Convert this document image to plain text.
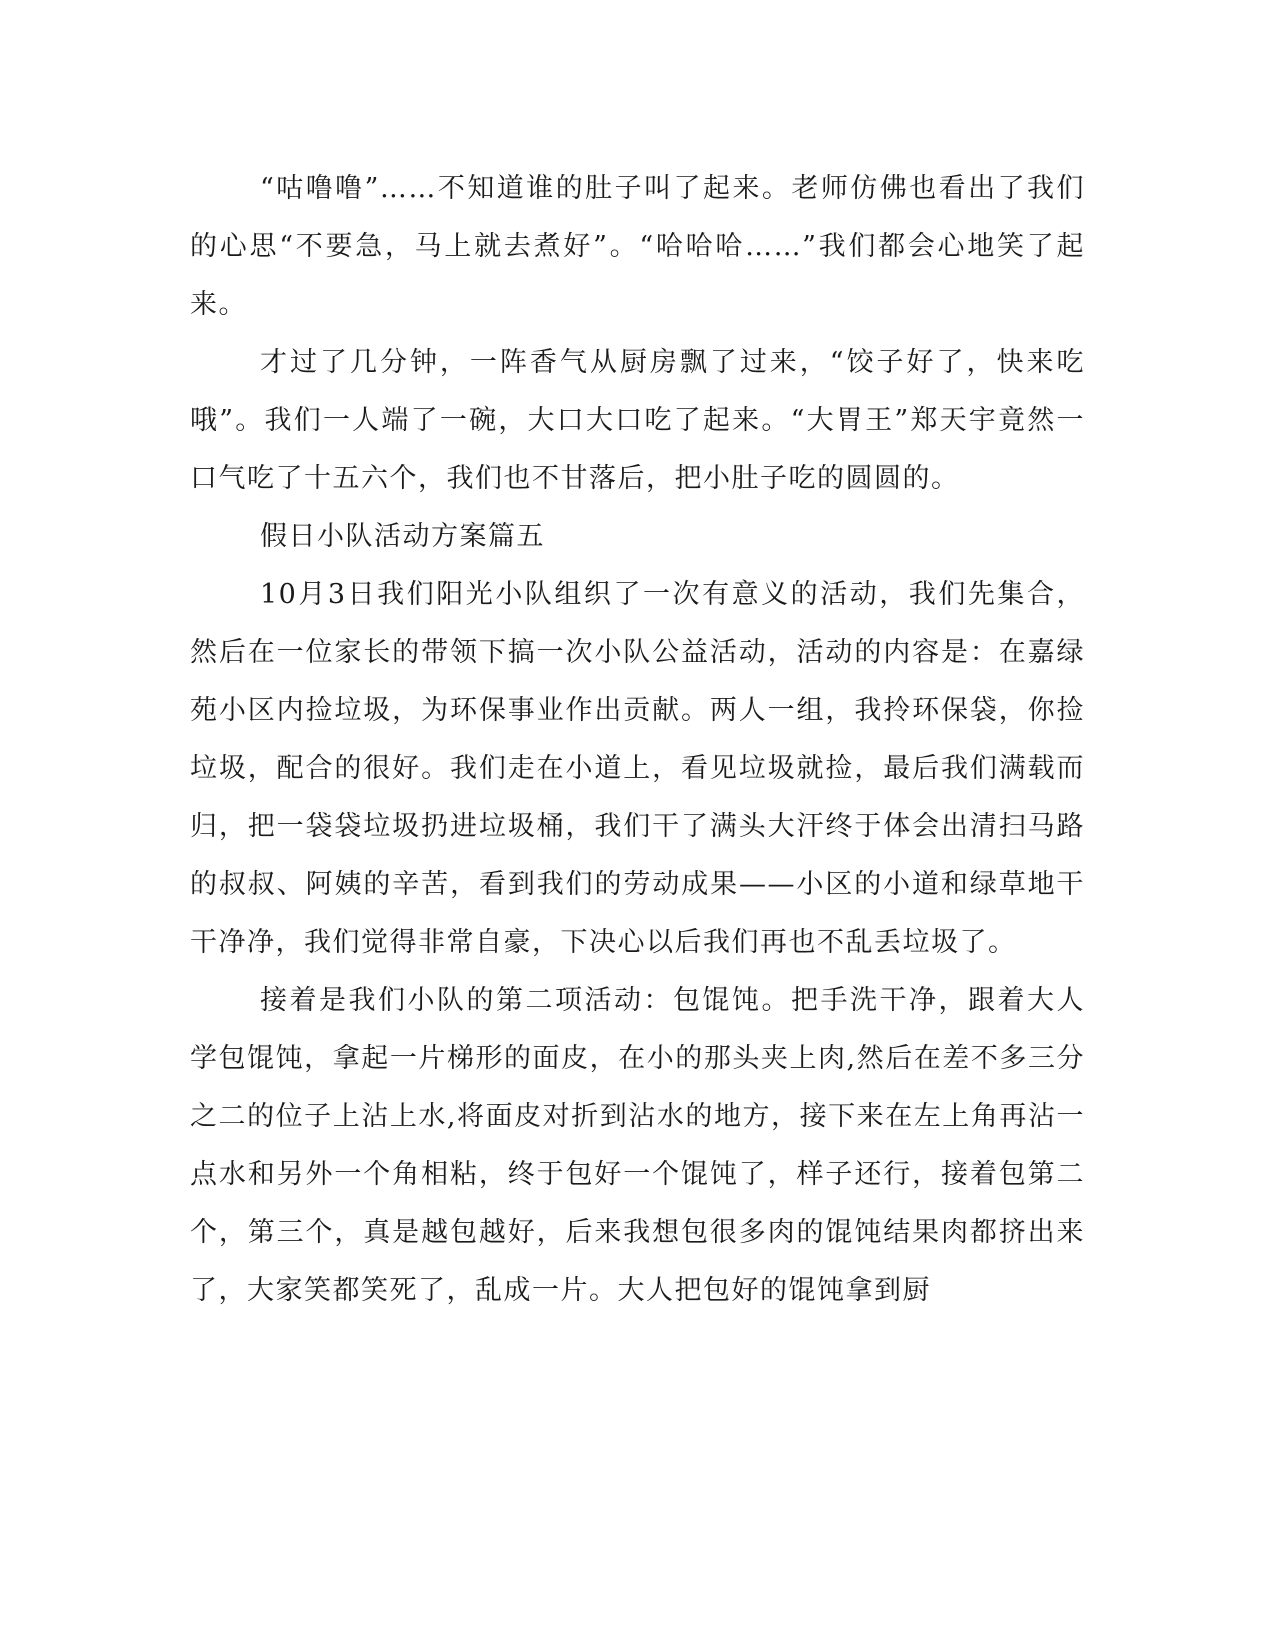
“咕噜噜”……不知道谁的肚子叫了起来。老师仿佛也看出了我们的心思“不要急，马上就去煮好”。“哈哈哈……”我们都会心地笑了起来。

才过了几分钟，一阵香气从厨房飘了过来，“饺子好了，快来吃哦”。我们一人端了一碗，大口大口吃了起来。“大胃王”郑天宇竟然一口气吃了十五六个，我们也不甘落后，把小肚子吃的圆圆的。

假日小队活动方案篇五

10月3日我们阳光小队组织了一次有意义的活动，我们先集合，然后在一位家长的带领下搞一次小队公益活动，活动的内容是：在嘉绿苑小区内捡垃圾，为环保事业作出贡献。两人一组，我拎环保袋，你捡垃圾，配合的很好。我们走在小道上，看见垃圾就捡，最后我们满载而归，把一袋袋垃圾扔进垃圾桶，我们干了满头大汗终于体会出清扫马路的叔叔、阿姨的辛苦，看到我们的劳动成果——小区的小道和绿草地干干净净，我们觉得非常自豪，下决心以后我们再也不乱丢垃圾了。

接着是我们小队的第二项活动：包馄饨。把手洗干净，跟着大人学包馄饨，拿起一片梯形的面皮，在小的那头夹上肉,然后在差不多三分之二的位子上沾上水,将面皮对折到沾水的地方，接下来在左上角再沾一点水和另外一个角相粘，终于包好一个馄饨了，样子还行，接着包第二个，第三个，真是越包越好，后来我想包很多肉的馄饨结果肉都挤出来了，大家笑都笑死了，乱成一片。大人把包好的馄饨拿到厨
